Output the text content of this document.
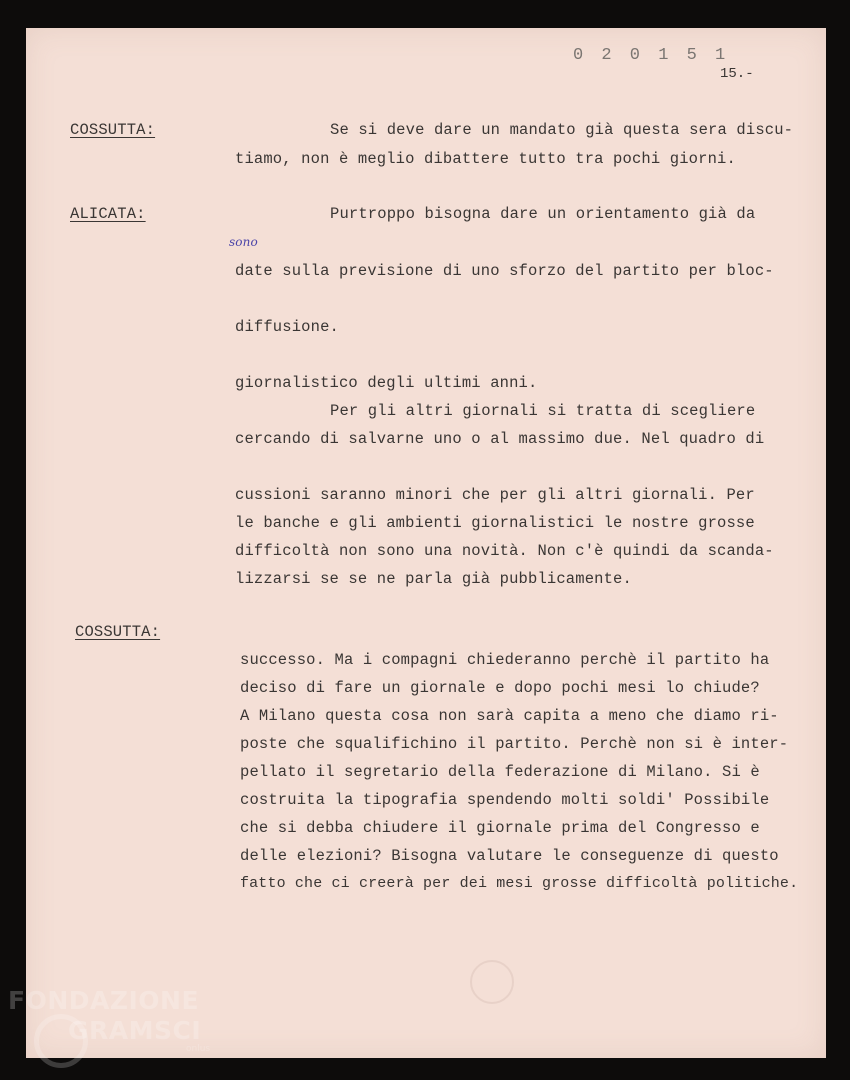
0 2 0 1 5 1
15.-
COSSUTTA:	Se si deve dare un mandato già questa sera discu-
tiamo, non è meglio dibattere tutto tra pochi giorni.
ALICATA:	Purtroppo bisogna dare un orientamento già da
sono
date sulla previsione di uno sforzo del partito per bloc-
diffusione.
giornalistico degli ultimi anni.
Per gli altri giornali si tratta di scegliere
cercando di salvarne uno o al massimo due. Nel quadro di
cussioni saranno minori che per gli altri giornali. Per
le banche e gli ambienti giornalistici le nostre grosse
difficoltà non sono una novità. Non c'è quindi da scanda-
lizzarsi se se ne parla già pubblicamente.
COSSUTTA:
successo. Ma i compagni chiederanno perchè il partito ha
deciso di fare un giornale e dopo pochi mesi lo chiude?
A Milano questa cosa non sarà capita a meno che diamo ri-
poste che squalifichino il partito. Perchè non si è inter-
pellato il segretario della federazione di Milano. Si è
costruita la tipografia spendendo molti soldi' Possibile
che si debba chiudere il giornale prima del Congresso e
delle elezioni? Bisogna valutare le conseguenze di questo
fatto che ci creerà per dei mesi grosse difficoltà politiche.
FONDAZIONE
GRAMSCI
onlus
